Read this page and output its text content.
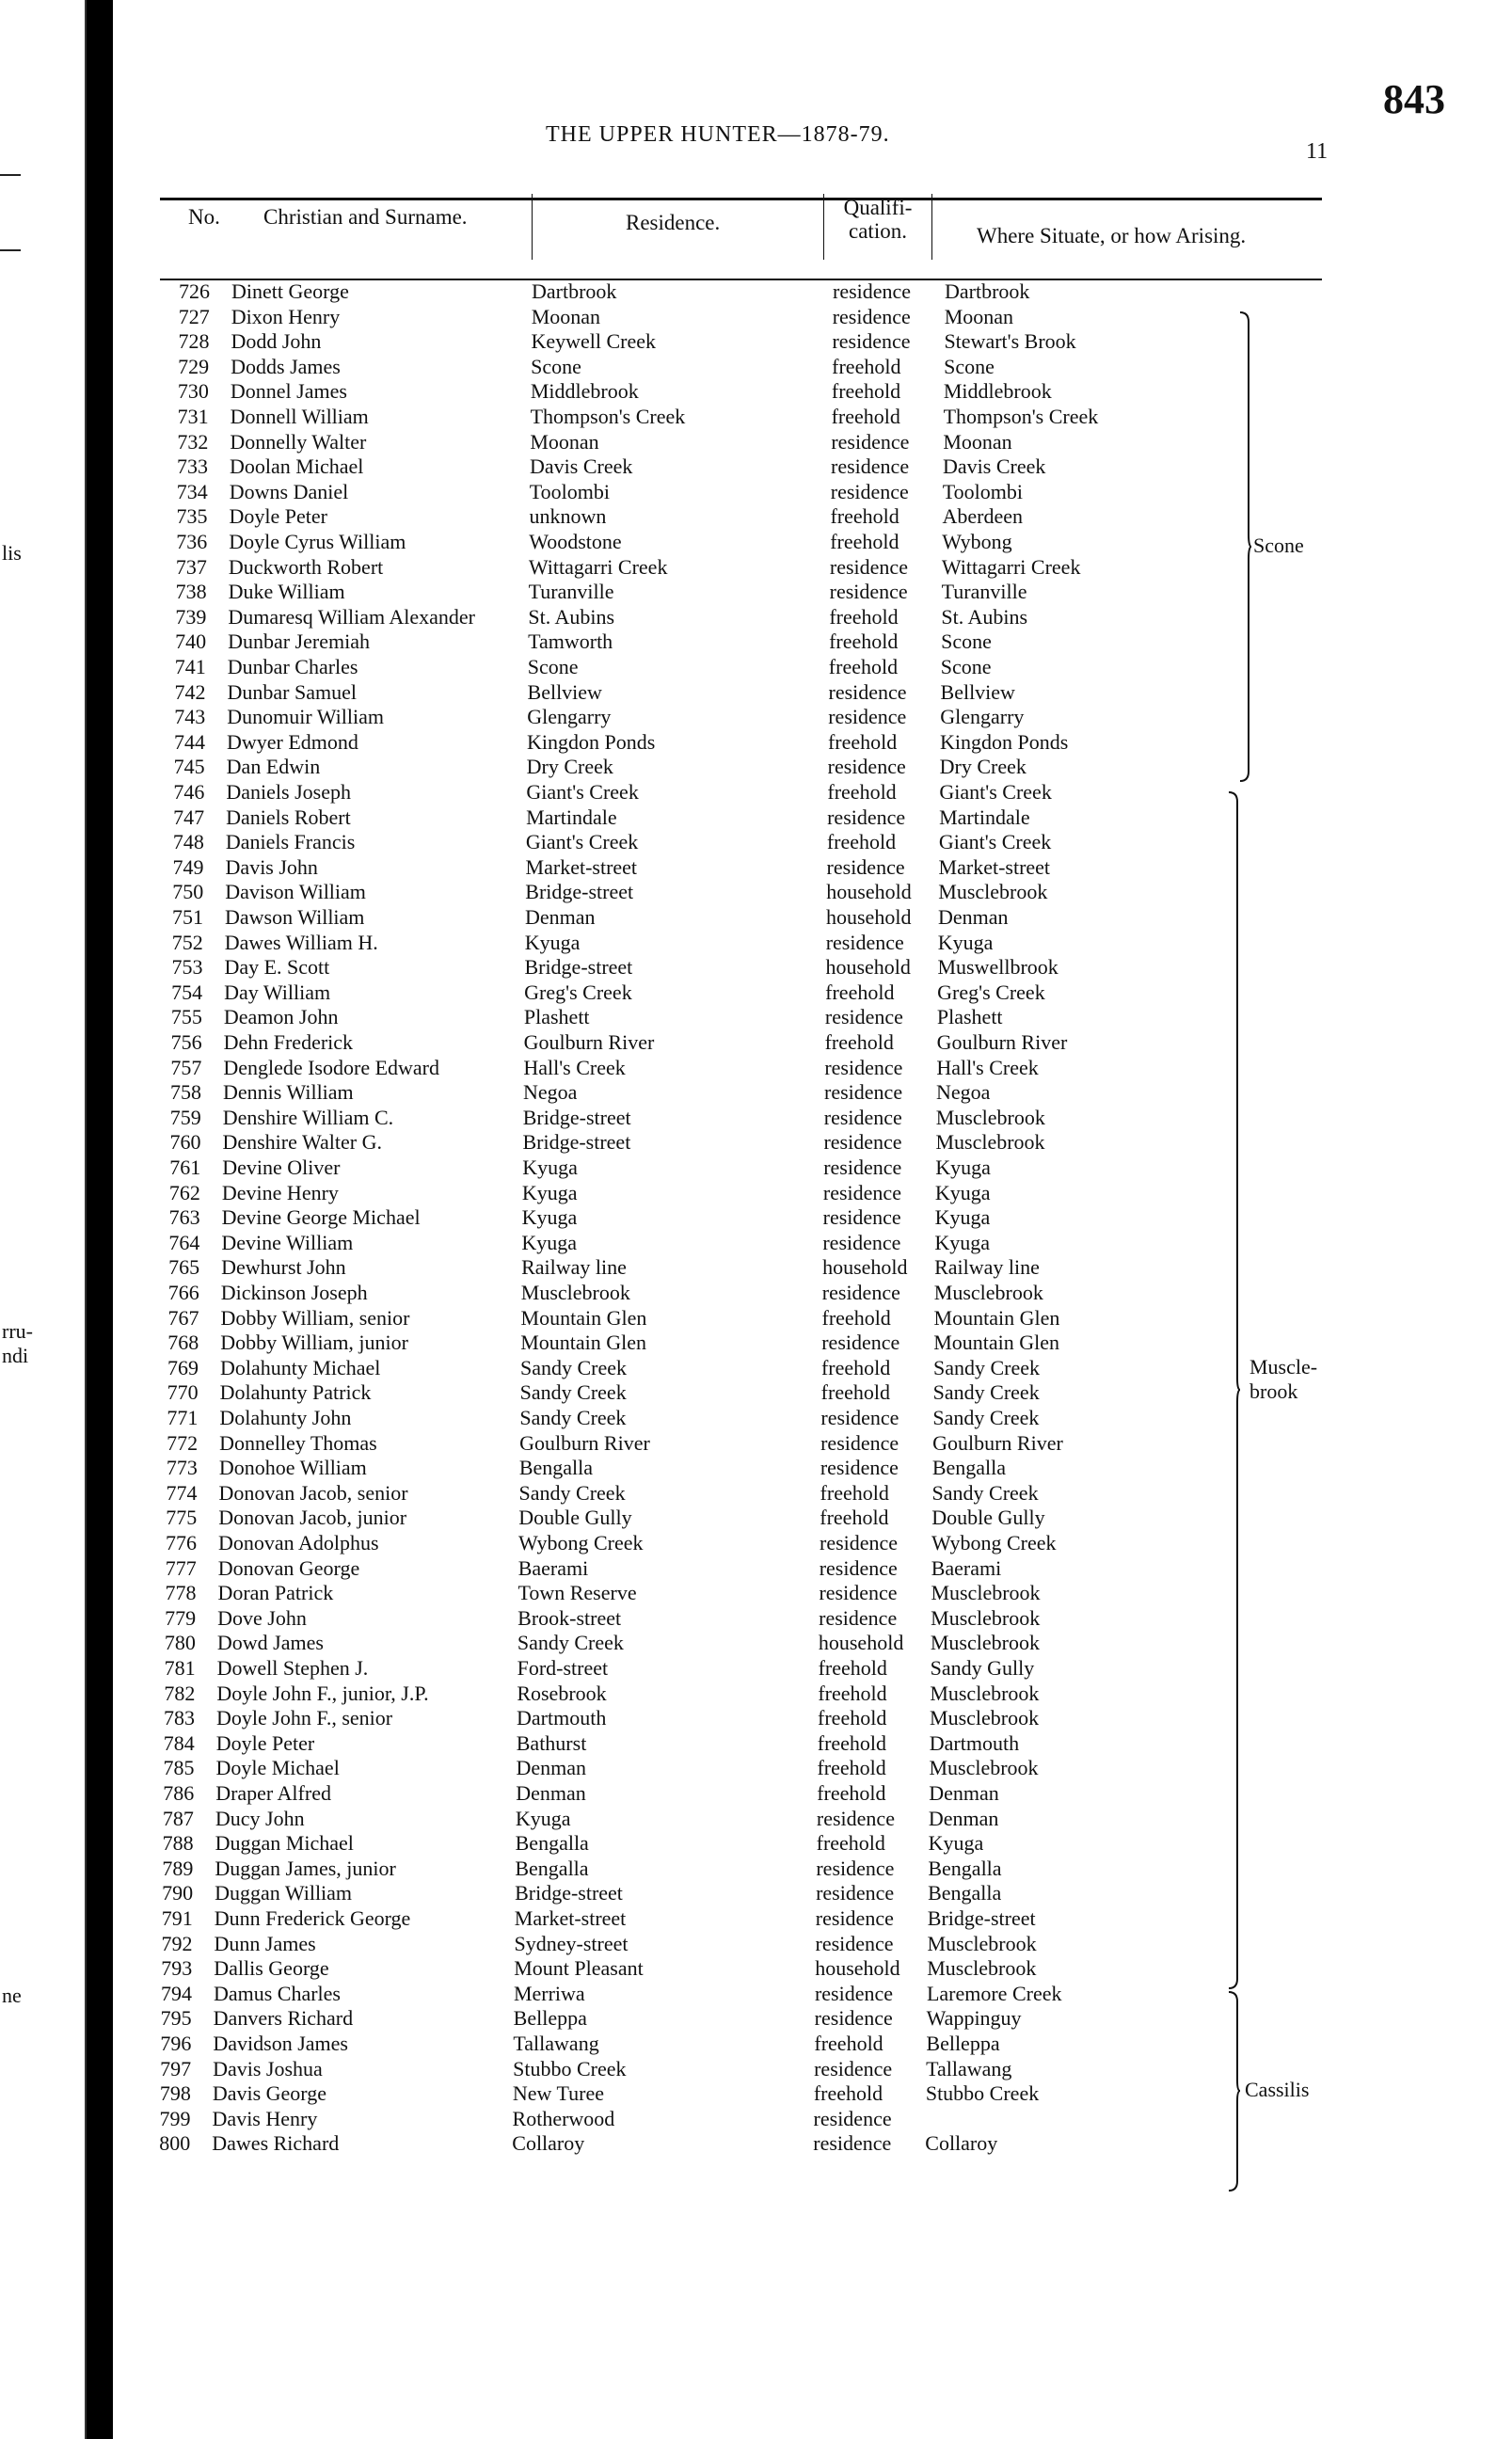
lis
rru-
ndi
ne
843
THE UPPER HUNTER—1878-79.
11
No. Christian and Surname.	Residence.
Qualifi-
cation.	Where Situate, or how Arising.
726 Dinett George	Dartbrook	residence Dartbrook
727 Dixon Henry	Moonan	residence Moonan
728 Dodd John	Keywell Creek	residence Stewart's Brook
729 Dodds James	Scone	freehold Scone
730 Donnel James	Middlebrook	freehold Middlebrook
731 Donnell William	Thompson's Creek	freehold Thompson's Creek
732 Donnelly Walter	Moonan	residence Moonan
733 Doolan Michael	Davis Creek	residence Davis Creek
734 Downs Daniel	Toolombi	residence Toolombi
735 Doyle Peter	unknown	freehold Aberdeen
736 Doyle Cyrus William	Woodstone	freehold Wybong
737 Duckworth Robert	Wittagarri Creek	residence Wittagarri Creek
738 Duke William	Turanville	residence Turanville
739 Dumaresq William Alexander	St. Aubins	freehold St. Aubins
740 Dunbar Jeremiah	Tamworth	freehold Scone
741 Dunbar Charles	Scone	freehold Scone
742 Dunbar Samuel	Bellview	residence Bellview
743 Dunomuir William	Glengarry	residence Glengarry
744 Dwyer Edmond	Kingdon Ponds	freehold Kingdon Ponds
745 Dan Edwin	Dry Creek	residence Dry Creek
746 Daniels Joseph	Giant's Creek	freehold Giant's Creek
747 Daniels Robert	Martindale	residence Martindale
748 Daniels Francis	Giant's Creek	freehold Giant's Creek
749 Davis John	Market-street	residence Market-street
750 Davison William	Bridge-street	household Musclebrook
751 Dawson William	Denman	household Denman
752 Dawes William H.	Kyuga	residence Kyuga
753 Day E. Scott	Bridge-street	household Muswellbrook
754 Day William	Greg's Creek	freehold Greg's Creek
755 Deamon John	Plashett	residence Plashett
756 Dehn Frederick	Goulburn River	freehold Goulburn River
757 Denglede Isodore Edward	Hall's Creek	residence Hall's Creek
758 Dennis William	Negoa	residence Negoa
759 Denshire William C.	Bridge-street	residence Musclebrook
760 Denshire Walter G.	Bridge-street	residence Musclebrook
761 Devine Oliver	Kyuga	residence Kyuga
762 Devine Henry	Kyuga	residence Kyuga
763 Devine George Michael	Kyuga	residence Kyuga
764 Devine William	Kyuga	residence Kyuga
765 Dewhurst John	Railway line	household Railway line
766 Dickinson Joseph	Musclebrook	residence Musclebrook
767 Dobby William, senior	Mountain Glen	freehold Mountain Glen
768 Dobby William, junior	Mountain Glen	residence Mountain Glen
769 Dolahunty Michael	Sandy Creek	freehold Sandy Creek
770 Dolahunty Patrick	Sandy Creek	freehold Sandy Creek
771 Dolahunty John	Sandy Creek	residence Sandy Creek
772 Donnelley Thomas	Goulburn River	residence Goulburn River
773 Donohoe William	Bengalla	residence Bengalla
774 Donovan Jacob, senior	Sandy Creek	freehold Sandy Creek
775 Donovan Jacob, junior	Double Gully	freehold Double Gully
776 Donovan Adolphus	Wybong Creek	residence Wybong Creek
777 Donovan George	Baerami	residence Baerami
778 Doran Patrick	Town Reserve	residence Musclebrook
779 Dove John	Brook-street	residence Musclebrook
780 Dowd James	Sandy Creek	household Musclebrook
781 Dowell Stephen J.	Ford-street	freehold Sandy Gully
782 Doyle John F., junior, J.P.	Rosebrook	freehold Musclebrook
783 Doyle John F., senior	Dartmouth	freehold Musclebrook
784 Doyle Peter	Bathurst	freehold Dartmouth
785 Doyle Michael	Denman	freehold Musclebrook
786 Draper Alfred	Denman	freehold Denman
787 Ducy John	Kyuga	residence Denman
788 Duggan Michael	Bengalla	freehold Kyuga
789 Duggan James, junior	Bengalla	residence Bengalla
790 Duggan William	Bridge-street	residence Bengalla
791 Dunn Frederick George	Market-street	residence Bridge-street
792 Dunn James	Sydney-street	residence Musclebrook
793 Dallis George	Mount Pleasant	household Musclebrook
794 Damus Charles	Merriwa	residence Laremore Creek
795 Danvers Richard	Belleppa	residence Wappinguy
796 Davidson James	Tallawang	freehold Belleppa
797 Davis Joshua	Stubbo Creek	residence Tallawang
798 Davis George	New Turee	freehold Stubbo Creek
799 Davis Henry	Rotherwood	residence
800 Dawes Richard	Collaroy	residence Collaroy
Scone
Muscle-
brook
Cassilis
